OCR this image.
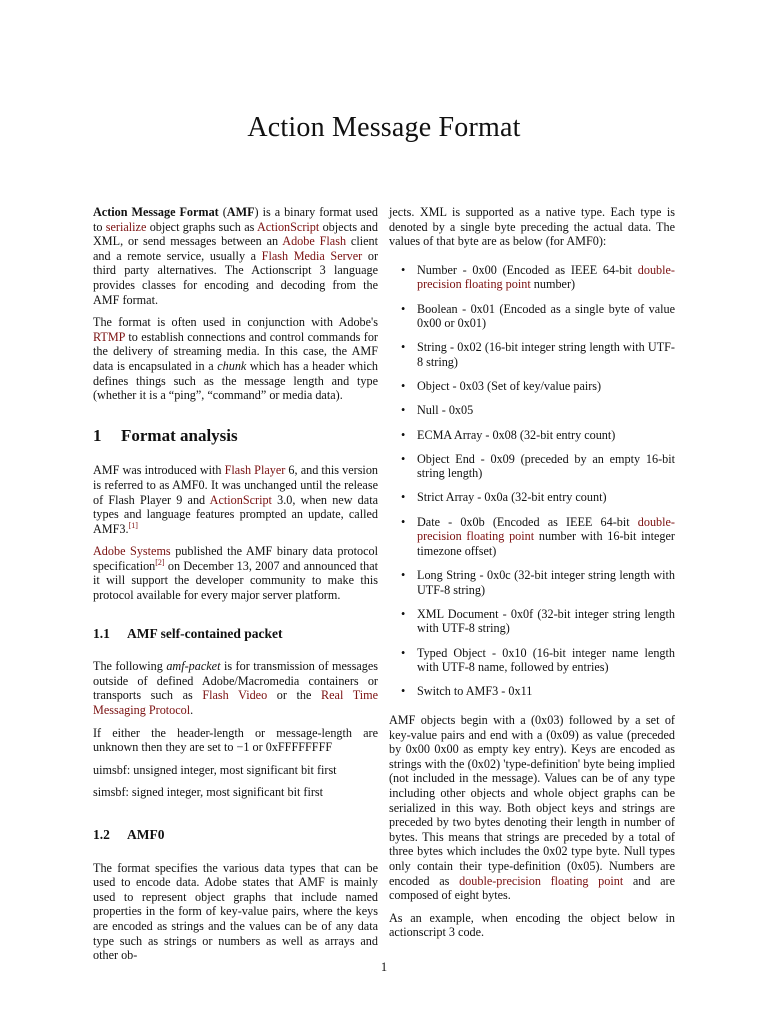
Action Message Format

Action Message Format (AMF) is a binary format used to serialize object graphs such as ActionScript objects and XML, or send messages between an Adobe Flash client and a remote service, usually a Flash Media Server or third party alternatives. The Actionscript 3 language provides classes for encoding and decoding from the AMF format.

The format is often used in conjunction with Adobe's RTMP to establish connections and control commands for the delivery of streaming media. In this case, the AMF data is encapsulated in a chunk which has a header which defines things such as the message length and type (whether it is a “ping”, “command” or media data).

1 Format analysis

AMF was introduced with Flash Player 6, and this version is referred to as AMF0. It was unchanged until the release of Flash Player 9 and ActionScript 3.0, when new data types and language features prompted an update, called AMF3.[1]

Adobe Systems published the AMF binary data protocol specification[2] on December 13, 2007 and announced that it will support the developer community to make this protocol available for every major server platform.

1.1 AMF self-contained packet

The following amf-packet is for transmission of messages outside of defined Adobe/Macromedia containers or transports such as Flash Video or the Real Time Messaging Protocol.

If either the header-length or message-length are unknown then they are set to −1 or 0xFFFFFFFF

uimsbf: unsigned integer, most significant bit first

simsbf: signed integer, most significant bit first

1.2 AMF0

The format specifies the various data types that can be used to encode data. Adobe states that AMF is mainly used to represent object graphs that include named properties in the form of key-value pairs, where the keys are encoded as strings and the values can be of any data type such as strings or numbers as well as arrays and other ob-

jects. XML is supported as a native type. Each type is denoted by a single byte preceding the actual data. The values of that byte are as below (for AMF0):

• Number - 0x00 (Encoded as IEEE 64-bit double-precision floating point number)
• Boolean - 0x01 (Encoded as a single byte of value 0x00 or 0x01)
• String - 0x02 (16-bit integer string length with UTF-8 string)
• Object - 0x03 (Set of key/value pairs)
• Null - 0x05
• ECMA Array - 0x08 (32-bit entry count)
• Object End - 0x09 (preceded by an empty 16-bit string length)
• Strict Array - 0x0a (32-bit entry count)
• Date - 0x0b (Encoded as IEEE 64-bit double-precision floating point number with 16-bit integer timezone offset)
• Long String - 0x0c (32-bit integer string length with UTF-8 string)
• XML Document - 0x0f (32-bit integer string length with UTF-8 string)
• Typed Object - 0x10 (16-bit integer name length with UTF-8 name, followed by entries)
• Switch to AMF3 - 0x11

AMF objects begin with a (0x03) followed by a set of key-value pairs and end with a (0x09) as value (preceded by 0x00 0x00 as empty key entry). Keys are encoded as strings with the (0x02) 'type-definition' byte being implied (not included in the message). Values can be of any type including other objects and whole object graphs can be serialized in this way. Both object keys and strings are preceded by two bytes denoting their length in number of bytes. This means that strings are preceded by a total of three bytes which includes the 0x02 type byte. Null types only contain their type-definition (0x05). Numbers are encoded as double-precision floating point and are composed of eight bytes.

As an example, when encoding the object below in actionscript 3 code.

1
